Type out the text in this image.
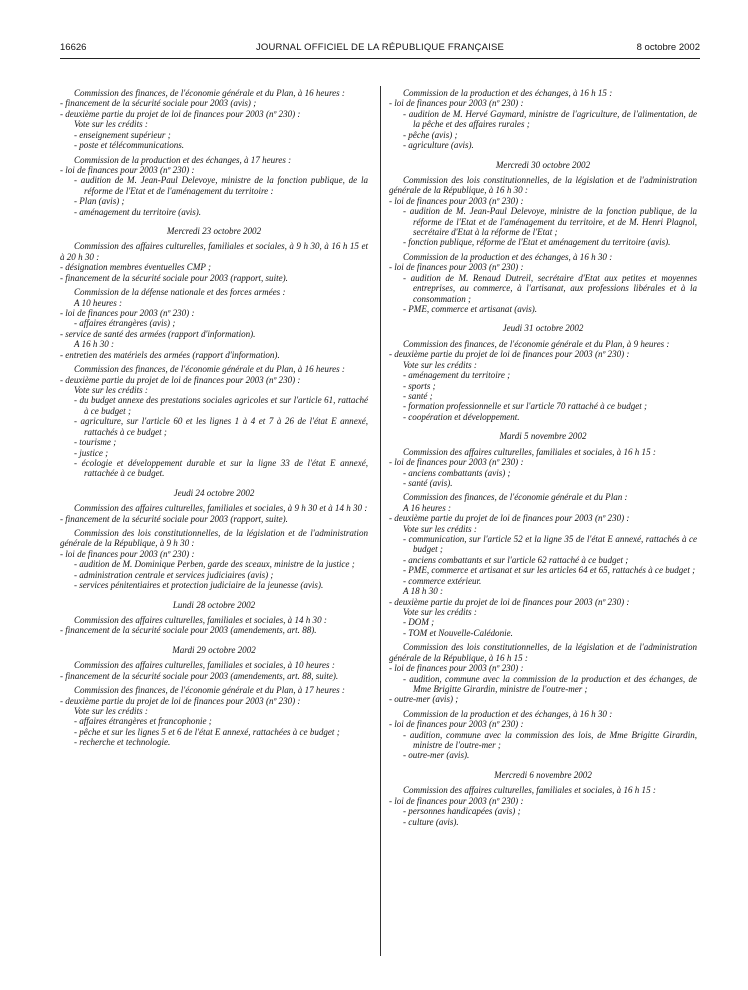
16626	JOURNAL OFFICIEL DE LA RÉPUBLIQUE FRANÇAISE	8 octobre 2002

Commission des finances, de l'économie générale et du Plan, à 16 heures :

- financement de la sécurité sociale pour 2003 (avis) ;

- deuxième partie du projet de loi de finances pour 2003 (nº 230) :

Vote sur les crédits :

- enseignement supérieur ;

- poste et télécommunications.

Commission de la production et des échanges, à 17 heures :

- loi de finances pour 2003 (nº 230) :

- audition de M. Jean-Paul Delevoye, ministre de la fonction publique, de la réforme de l'Etat et de l'aménagement du territoire :

- Plan (avis) ;

- aménagement du territoire (avis).

Mercredi 23 octobre 2002

Commission des affaires culturelles, familiales et sociales, à 9 h 30, à 16 h 15 et à 20 h 30 :

- désignation membres éventuelles CMP ;

- financement de la sécurité sociale pour 2003 (rapport, suite).

Commission de la défense nationale et des forces armées :

A 10 heures :

- loi de finances pour 2003 (nº 230) :

- affaires étrangères (avis) ;

- service de santé des armées (rapport d'information).

A 16 h 30 :

- entretien des matériels des armées (rapport d'information).

Commission des finances, de l'économie générale et du Plan, à 16 heures :

- deuxième partie du projet de loi de finances pour 2003 (nº 230) :

Vote sur les crédits :

- du budget annexe des prestations sociales agricoles et sur l'article 61, rattaché à ce budget ;

- agriculture, sur l'article 60 et les lignes 1 à 4 et 7 à 26 de l'état E annexé, rattachés à ce budget ;

- tourisme ;

- justice ;

- écologie et développement durable et sur la ligne 33 de l'état E annexé, rattachée à ce budget.

Jeudi 24 octobre 2002

Commission des affaires culturelles, familiales et sociales, à 9 h 30 et à 14 h 30 :

- financement de la sécurité sociale pour 2003 (rapport, suite).

Commission des lois constitutionnelles, de la législation et de l'administration générale de la République, à 9 h 30 :

- loi de finances pour 2003 (nº 230) :

- audition de M. Dominique Perben, garde des sceaux, ministre de la justice ;

- administration centrale et services judiciaires (avis) ;

- services pénitentiaires et protection judiciaire de la jeunesse (avis).

Lundi 28 octobre 2002

Commission des affaires culturelles, familiales et sociales, à 14 h 30 :

- financement de la sécurité sociale pour 2003 (amendements, art. 88).

Mardi 29 octobre 2002

Commission des affaires culturelles, familiales et sociales, à 10 heures :

- financement de la sécurité sociale pour 2003 (amendements, art. 88, suite).

Commission des finances, de l'économie générale et du Plan, à 17 heures :

- deuxième partie du projet de loi de finances pour 2003 (nº 230) :

Vote sur les crédits :

- affaires étrangères et francophonie ;

- pêche et sur les lignes 5 et 6 de l'état E annexé, rattachées à ce budget ;

- recherche et technologie.

Commission de la production et des échanges, à 16 h 15 :

- loi de finances pour 2003 (nº 230) :

- audition de M. Hervé Gaymard, ministre de l'agriculture, de l'alimentation, de la pêche et des affaires rurales ;

- pêche (avis) ;

- agriculture (avis).

Mercredi 30 octobre 2002

Commission des lois constitutionnelles, de la législation et de l'administration générale de la République, à 16 h 30 :

- loi de finances pour 2003 (nº 230) :

- audition de M. Jean-Paul Delevoye, ministre de la fonction publique, de la réforme de l'Etat et de l'aménagement du territoire, et de M. Henri Plagnol, secrétaire d'Etat à la réforme de l'Etat ;

- fonction publique, réforme de l'Etat et aménagement du territoire (avis).

Commission de la production et des échanges, à 16 h 30 :

- loi de finances pour 2003 (nº 230) :

- audition de M. Renaud Dutreil, secrétaire d'Etat aux petites et moyennes entreprises, au commerce, à l'artisanat, aux professions libérales et à la consommation ;

- PME, commerce et artisanat (avis).

Jeudi 31 octobre 2002

Commission des finances, de l'économie générale et du Plan, à 9 heures :

- deuxième partie du projet de loi de finances pour 2003 (nº 230) :

Vote sur les crédits :

- aménagement du territoire ;

- sports ;

- santé ;

- formation professionnelle et sur l'article 70 rattaché à ce budget ;

- coopération et développement.

Mardi 5 novembre 2002

Commission des affaires culturelles, familiales et sociales, à 16 h 15 :

- loi de finances pour 2003 (nº 230) :

- anciens combattants (avis) ;

- santé (avis).

Commission des finances, de l'économie générale et du Plan :

A 16 heures :

- deuxième partie du projet de loi de finances pour 2003 (nº 230) :

Vote sur les crédits :

- communication, sur l'article 52 et la ligne 35 de l'état E annexé, rattachés à ce budget ;

- anciens combattants et sur l'article 62 rattaché à ce budget ;

- PME, commerce et artisanat et sur les articles 64 et 65, rattachés à ce budget ;

- commerce extérieur.

A 18 h 30 :

- deuxième partie du projet de loi de finances pour 2003 (nº 230) :

Vote sur les crédits :

- DOM ;

- TOM et Nouvelle-Calédonie.

Commission des lois constitutionnelles, de la législation et de l'administration générale de la République, à 16 h 15 :

- loi de finances pour 2003 (nº 230) :

- audition, commune avec la commission de la production et des échanges, de Mme Brigitte Girardin, ministre de l'outre-mer ;

- outre-mer (avis) ;

Commission de la production et des échanges, à 16 h 30 :

- loi de finances pour 2003 (nº 230) :

- audition, commune avec la commission des lois, de Mme Brigitte Girardin, ministre de l'outre-mer ;

- outre-mer (avis).

Mercredi 6 novembre 2002

Commission des affaires culturelles, familiales et sociales, à 16 h 15 :

- loi de finances pour 2003 (nº 230) :

- personnes handicapées (avis) ;

- culture (avis).
